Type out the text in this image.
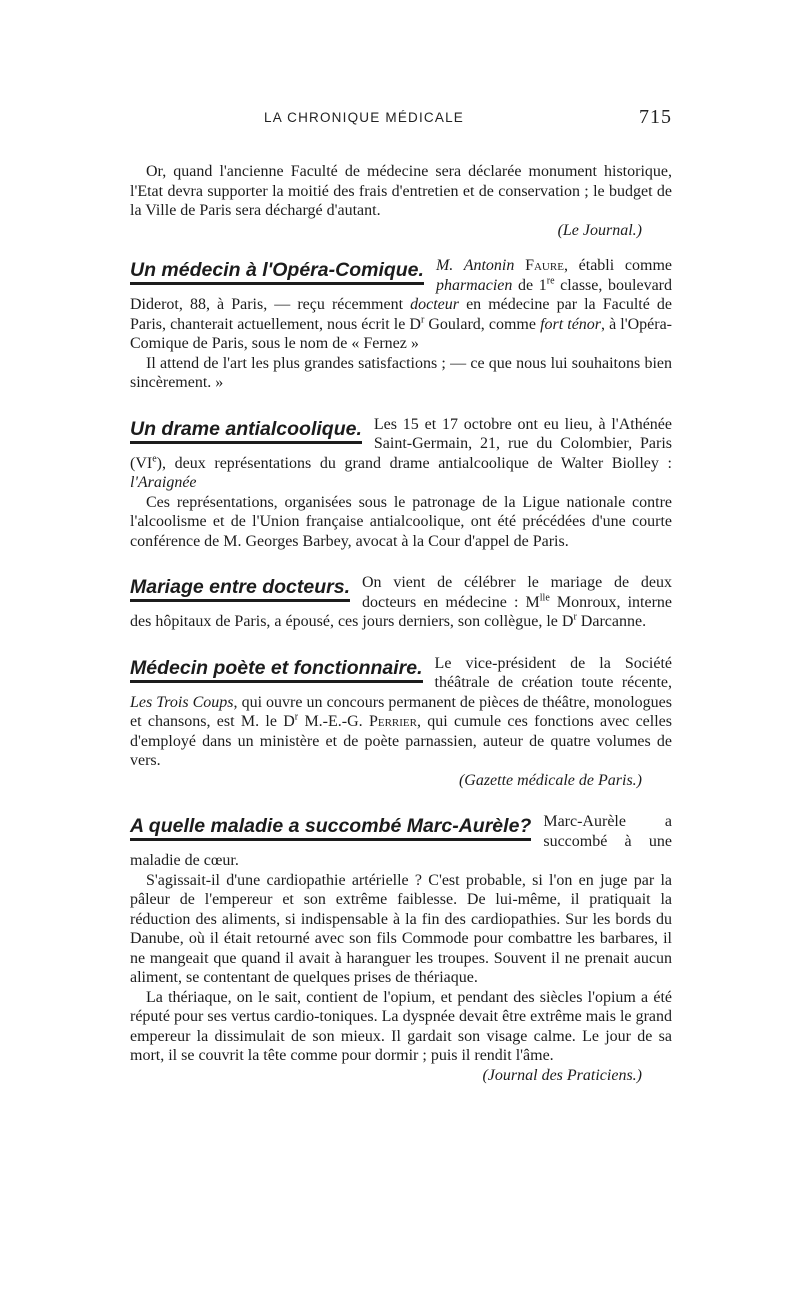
LA CHRONIQUE MÉDICALE	715

Or, quand l'ancienne Faculté de médecine sera déclarée monument historique, l'Etat devra supporter la moitié des frais d'entretien et de conservation ; le budget de la Ville de Paris sera déchargé d'autant.

(Le Journal.)
Un médecin à l'Opéra-Comique. M. Antonin Faure, établi comme pharmacien de 1re classe, boulevard Diderot, 88, à Paris, — reçu récemment docteur en médecine par la Faculté de Paris, chanterait actuellement, nous écrit le $D^r$ Goulard, comme fort ténor, à l'Opéra-Comique de Paris, sous le nom de « Fernez »

Il attend de l'art les plus grandes satisfactions ; — ce que nous lui souhaitons bien sincèrement. »

Un drame antialcoolique. Les 15 et 17 octobre ont eu lieu, à l'Athénée Saint-Germain, 21, rue du Colombier, Paris (VIe), deux représentations du grand drame antialcoolique de Walter Biolley : l'Araignée

Ces représentations, organisées sous le patronage de la Ligue nationale contre l'alcoolisme et de l'Union française antialcoolique, ont été précédées d'une courte conférence de M. Georges Barbey, avocat à la Cour d'appel de Paris.

Mariage entre docteurs. On vient de célébrer le mariage de deux docteurs en médecine : $M^{lle}$ Monroux, interne des hôpitaux de Paris, a épousé, ces jours derniers, son collègue, le $D^r$ Darcanne.

Médecin poète et fonctionnaire. Le vice-président de la Société théâtrale de création toute récente, Les Trois Coups, qui ouvre un concours permanent de pièces de théâtre, monologues et chansons, est M. le $D^r$ M.-E.-G. Perrier, qui cumule ces fonctions avec celles d'employé dans un ministère et de poète parnassien, auteur de quatre volumes de vers.

(Gazette médicale de Paris.)
A quelle maladie a succombé Marc-Aurèle? Marc-Aurèle a succombé à une maladie de cœur.

S'agissait-il d'une cardiopathie artérielle ? C'est probable, si l'on en juge par la pâleur de l'empereur et son extrême faiblesse. De lui-même, il pratiquait la réduction des aliments, si indispensable à la fin des cardiopathies. Sur les bords du Danube, où il était retourné avec son fils Commode pour combattre les barbares, il ne mangeait que quand il avait à haranguer les troupes. Souvent il ne prenait aucun aliment, se contentant de quelques prises de thériaque.

La thériaque, on le sait, contient de l'opium, et pendant des siècles l'opium a été réputé pour ses vertus cardio-toniques. La dyspnée devait être extrême mais le grand empereur la dissimulait de son mieux. Il gardait son visage calme. Le jour de sa mort, il se couvrit la tête comme pour dormir ; puis il rendit l'âme.

(Journal des Praticiens.)
